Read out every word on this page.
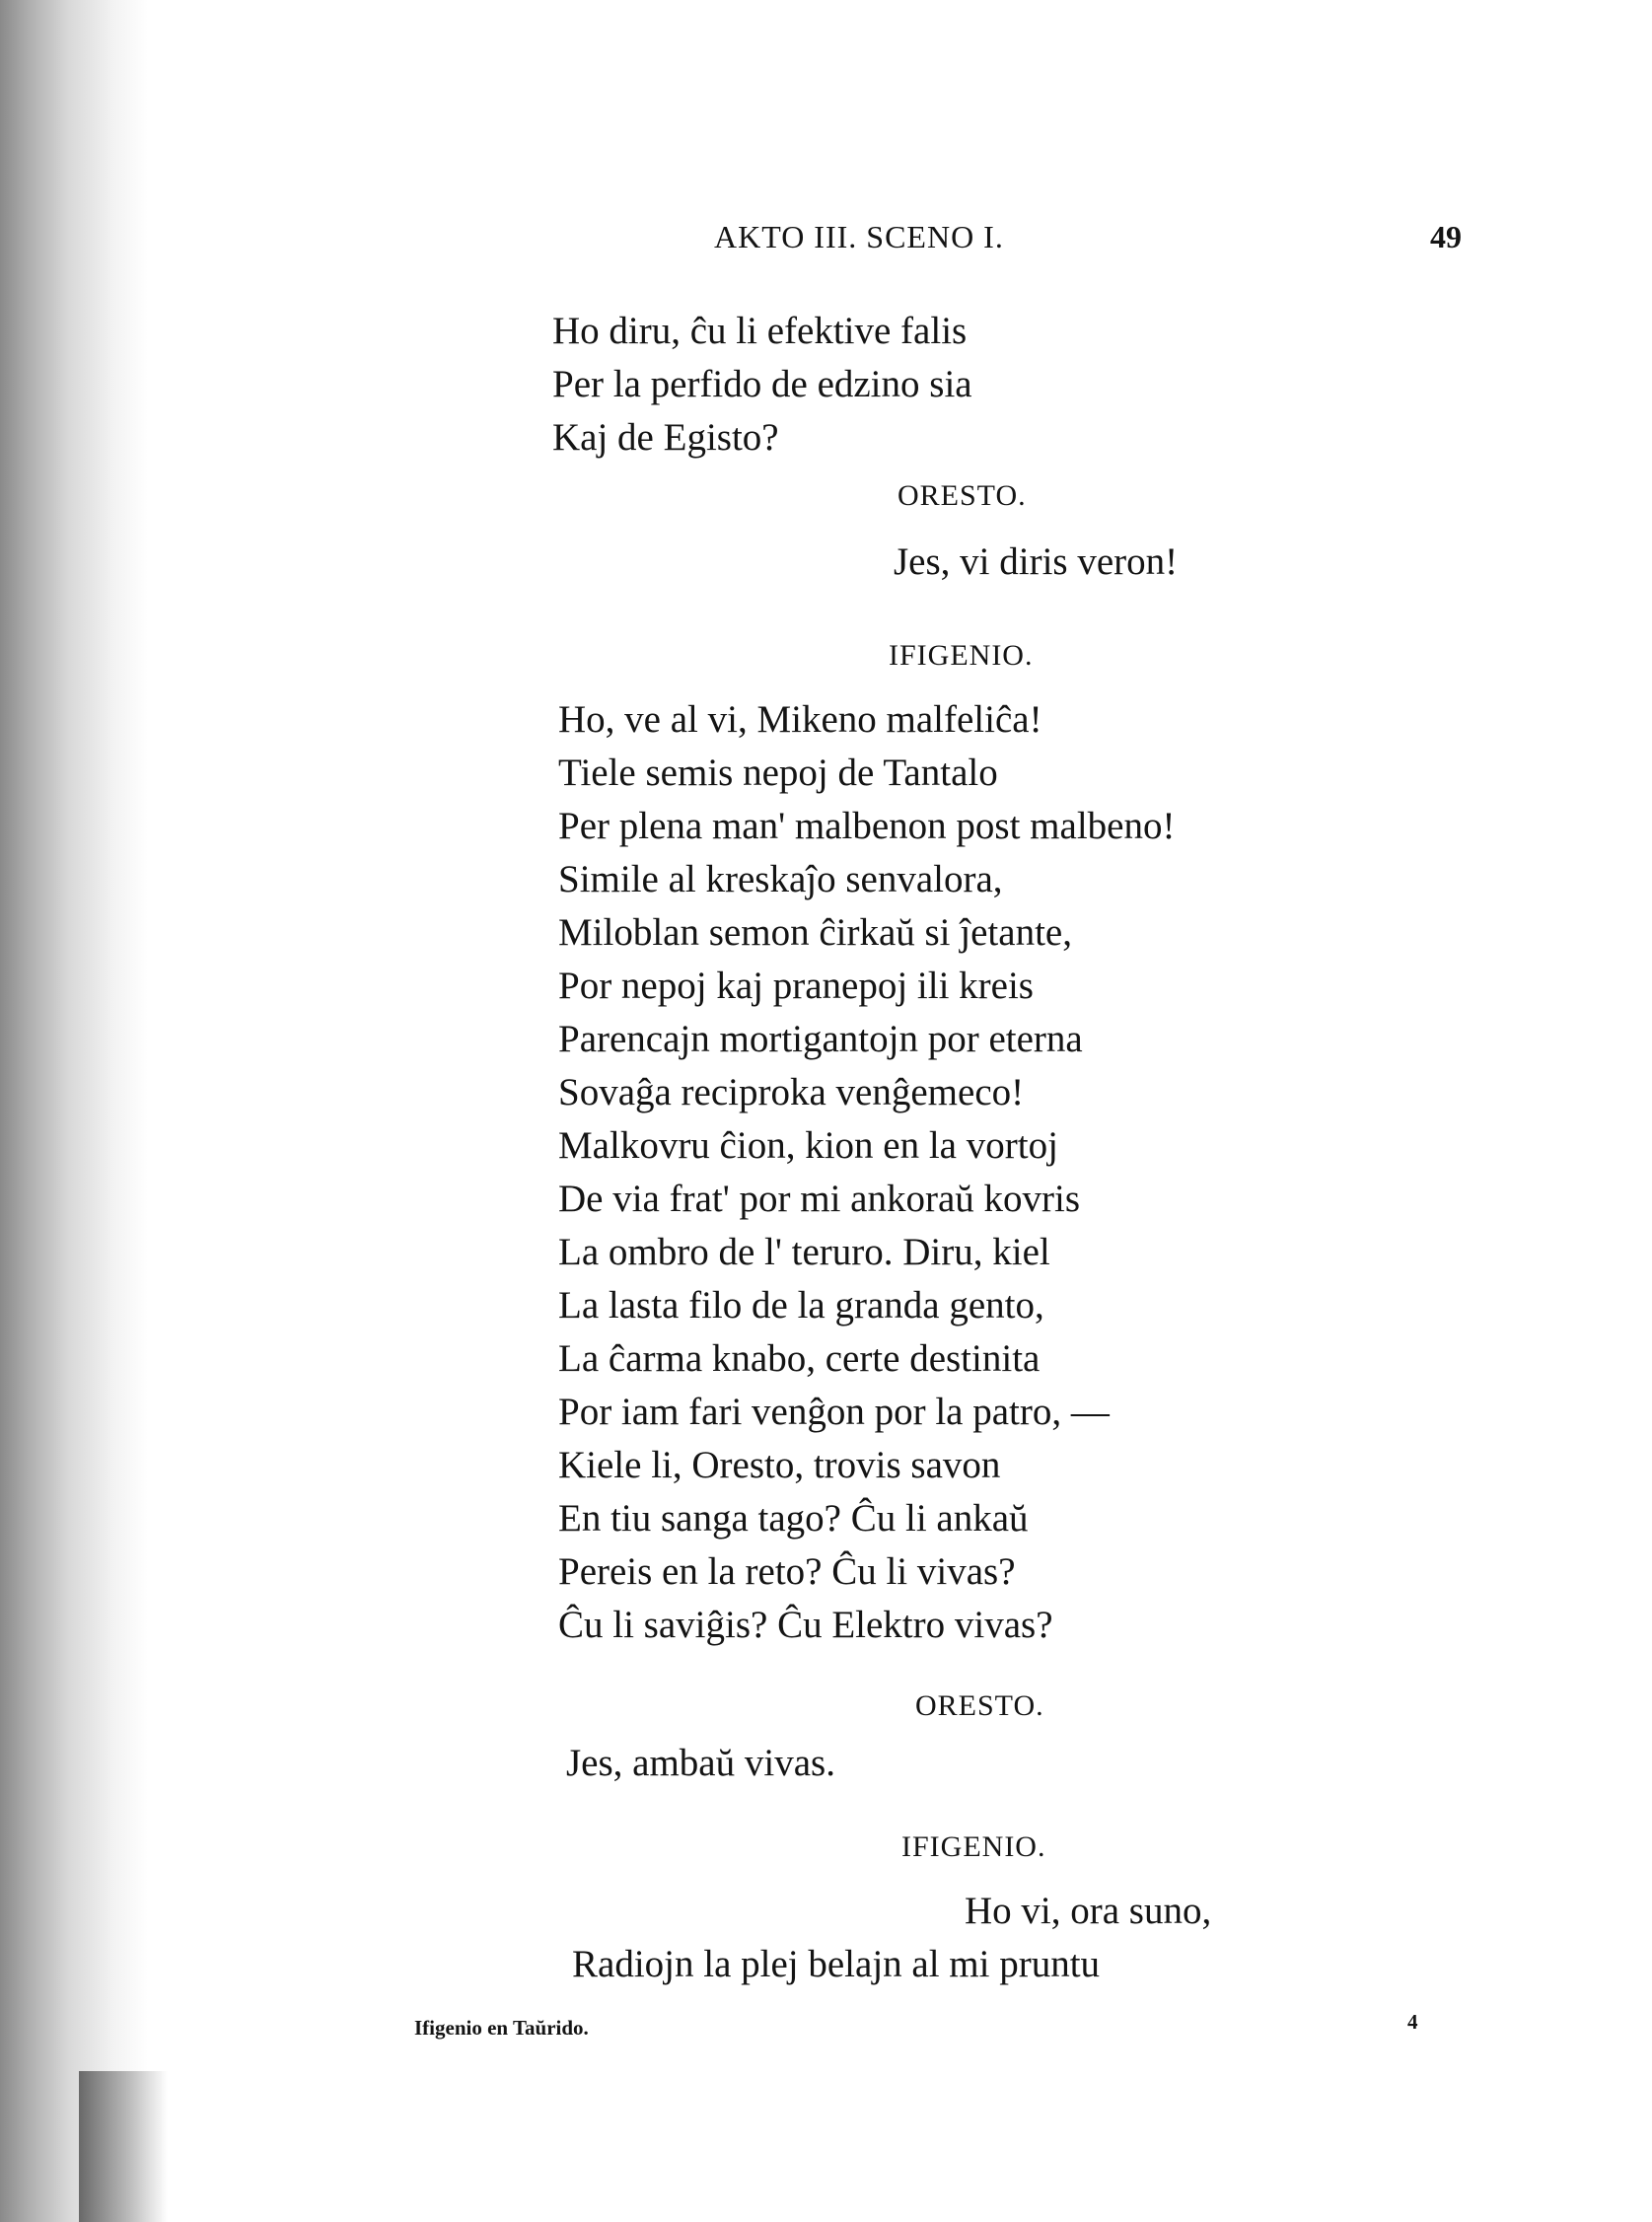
AKTO III. SCENO I.	49
Ho diru, ĉu li efektive falis
Per la perfido de edzino sia
Kaj de Egisto?
ORESTO.
Jes, vi diris veron!
IFIGENIO.
Ho, ve al vi, Mikeno malfeliĉa!
Tiele semis nepoj de Tantalo
Per plena man' malbenon post malbeno!
Simile al kreskaĵo senvalora,
Miloblan semon ĉirkaŭ si ĵetante,
Por nepoj kaj pranepoj ili kreis
Parencajn mortigantojn por eterna
Sovaĝa reciproka venĝemeco!
Malkovru ĉion, kion en la vortoj
De via frat' por mi ankoraŭ kovris
La ombro de l' teruro. Diru, kiel
La lasta filo de la granda gento,
La ĉarma knabo, certe destinita
Por iam fari venĝon por la patro, —
Kiele li, Oresto, trovis savon
En tiu sanga tago? Ĉu li ankaŭ
Pereis en la reto? Ĉu li vivas?
Ĉu li saviĝis? Ĉu Elektro vivas?
ORESTO.
Jes, ambaŭ vivas.
IFIGENIO.
Ho vi, ora suno,
Radiojn la plej belajn al mi pruntu
Ifigenio en Taŭrido.	4
